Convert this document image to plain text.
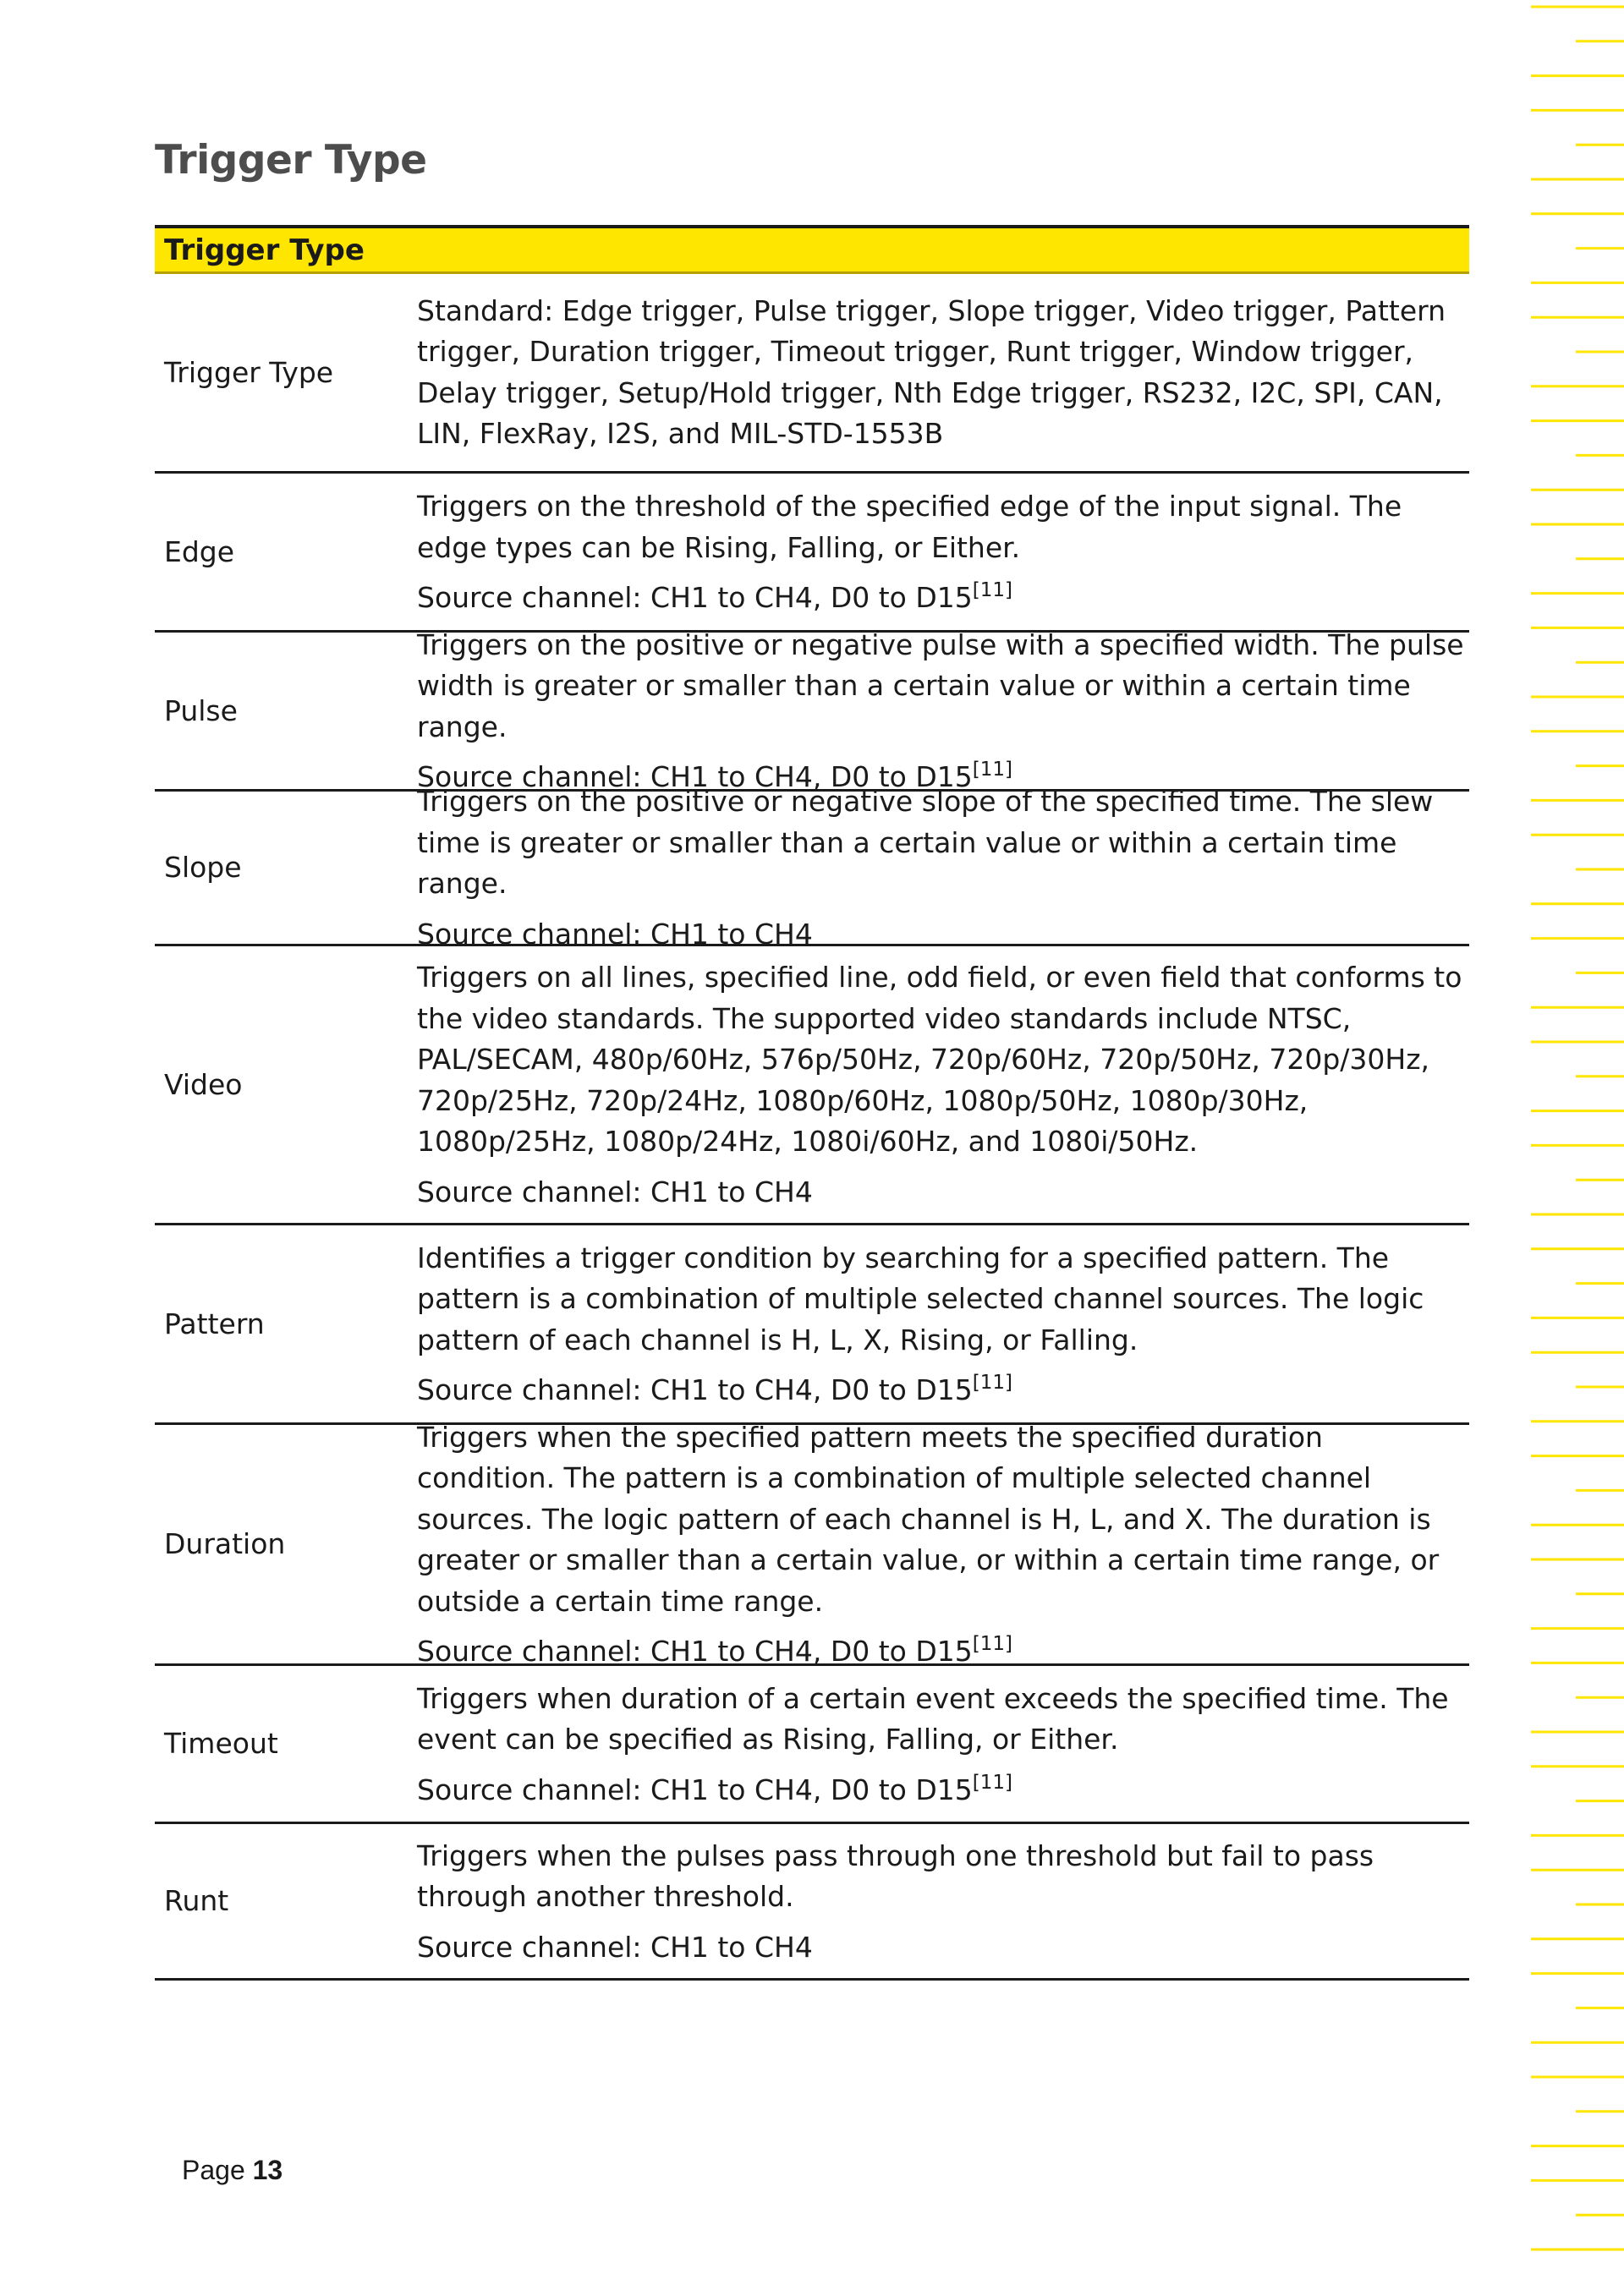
Trigger Type
Trigger Type
Trigger Type

Standard: Edge trigger, Pulse trigger, Slope trigger, Video trigger, Pattern trigger, Duration trigger, Timeout trigger, Runt trigger, Window trigger, Delay trigger, Setup/Hold trigger, Nth Edge trigger, RS232, I2C, SPI, CAN, LIN, FlexRay, I2S, and MIL-STD-1553B

Edge

Triggers on the threshold of the specified edge of the input signal. The edge types can be Rising, Falling, or Either.

Source channel: CH1 to CH4, D0 to D15[11]

Pulse

Triggers on the positive or negative pulse with a specified width. The pulse width is greater or smaller than a certain value or within a certain time range.

Source channel: CH1 to CH4, D0 to D15[11]

Slope

Triggers on the positive or negative slope of the specified time. The slew time is greater or smaller than a certain value or within a certain time range.

Source channel: CH1 to CH4

Video

Triggers on all lines, specified line, odd field, or even field that conforms to the video standards. The supported video standards include NTSC, PAL/SECAM, 480p/60Hz, 576p/50Hz, 720p/60Hz, 720p/50Hz, 720p/30Hz, 720p/25Hz, 720p/24Hz, 1080p/60Hz, 1080p/50Hz, 1080p/30Hz, 1080p/25Hz, 1080p/24Hz, 1080i/60Hz, and 1080i/50Hz.

Source channel: CH1 to CH4

Pattern

Identifies a trigger condition by searching for a specified pattern. The pattern is a combination of multiple selected channel sources. The logic pattern of each channel is H, L, X, Rising, or Falling.

Source channel: CH1 to CH4, D0 to D15[11]

Duration

Triggers when the specified pattern meets the specified duration condition. The pattern is a combination of multiple selected channel sources. The logic pattern of each channel is H, L, and X. The duration is greater or smaller than a certain value, or within a certain time range, or outside a certain time range.

Source channel: CH1 to CH4, D0 to D15[11]

Timeout

Triggers when duration of a certain event exceeds the specified time. The event can be specified as Rising, Falling, or Either.

Source channel: CH1 to CH4, D0 to D15[11]

Runt

Triggers when the pulses pass through one threshold but fail to pass through another threshold.

Source channel: CH1 to CH4

Page 13
